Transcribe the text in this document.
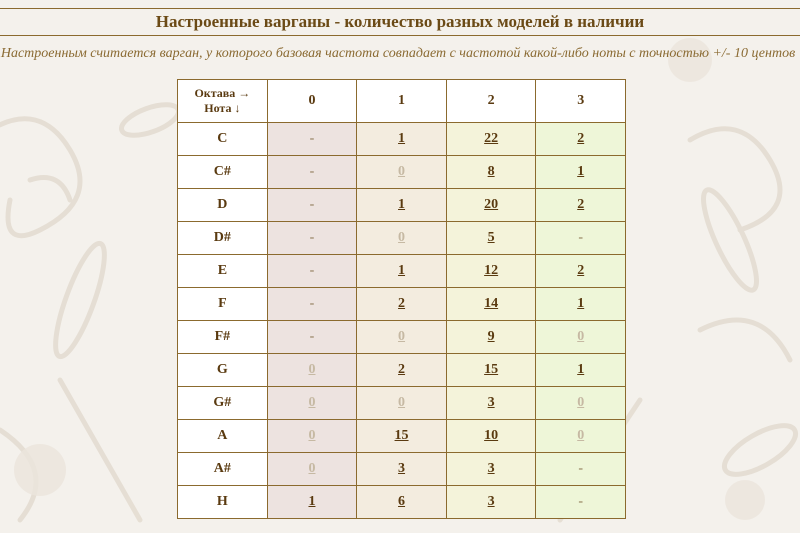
Настроенные варганы - количество разных моделей в наличии
Настроенным считается варган, у которого базовая частота совпадает с частотой какой-либо ноты с точностью +/- 10 центов
Октава →
Нота ↓	0	1	2	3
C	-	1	22	2
C#	-	0	8	1
D	-	1	20	2
D#	-	0	5	-
E	-	1	12	2
F	-	2	14	1
F#	-	0	9	0
G	0	2	15	1
G#	0	0	3	0
A	0	15	10	0
A#	0	3	3	-
H	1	6	3	-
